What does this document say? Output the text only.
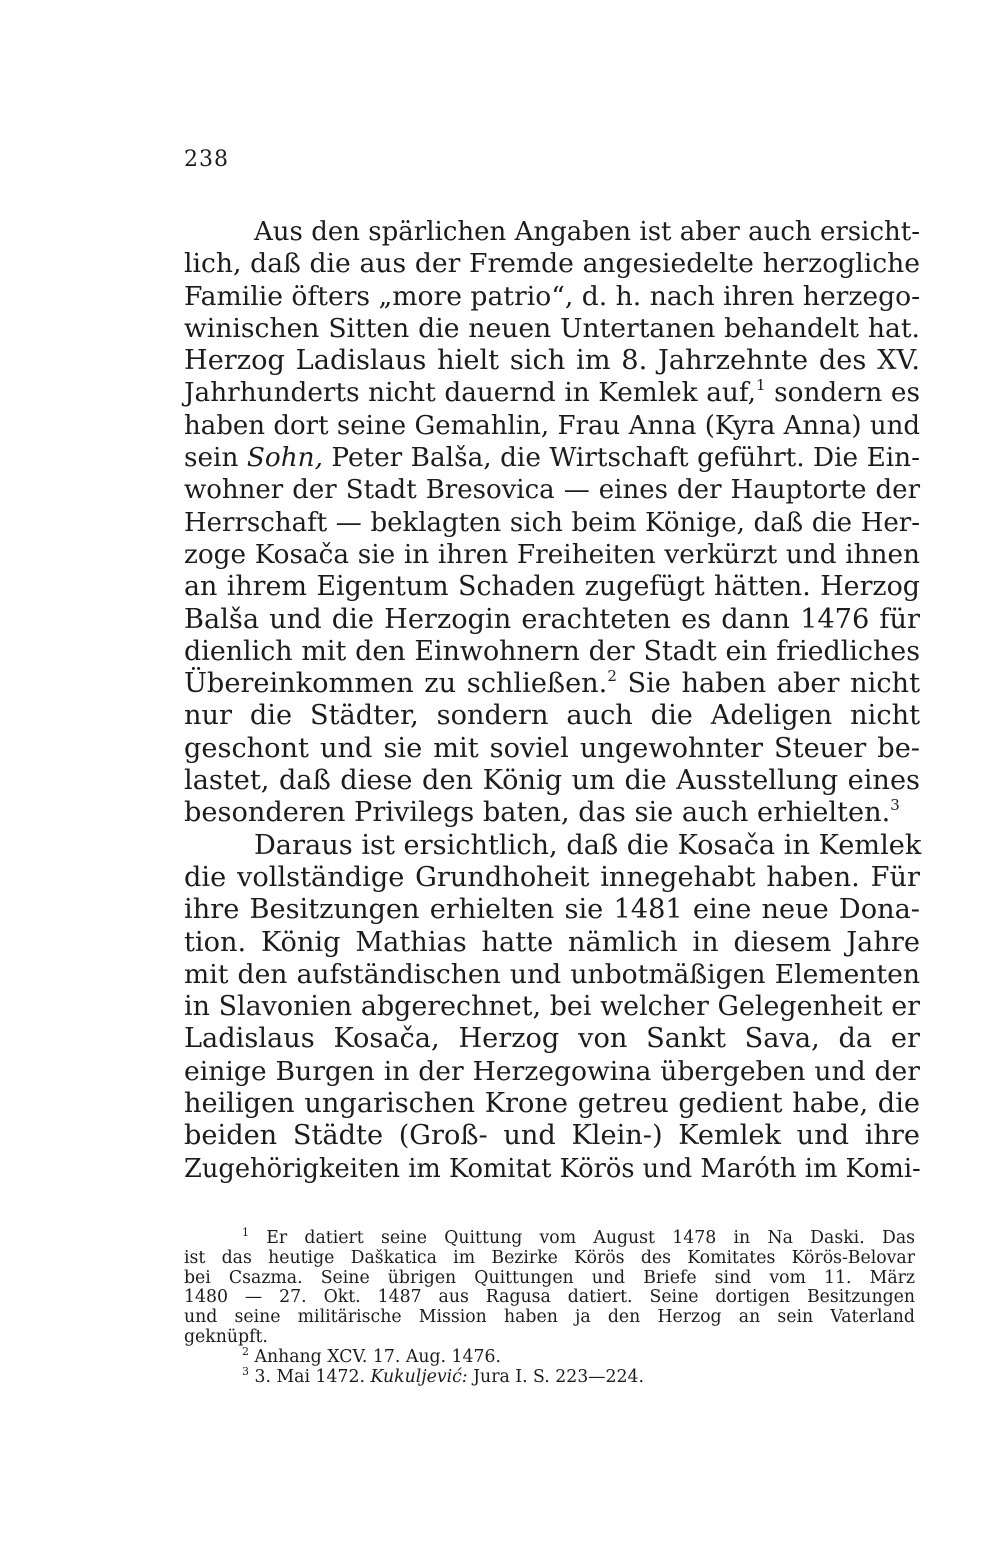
238
Aus den spärlichen Angaben ist aber auch ersicht-
lich, daß die aus der Fremde angesiedelte herzogliche
Familie öfters „more patrio“, d. h. nach ihren herzego-
winischen Sitten die neuen Untertanen behandelt hat.
Herzog Ladislaus hielt sich im 8. Jahrzehnte des XV.
Jahrhunderts nicht dauernd in Kemlek auf,$^1$ sondern es
haben dort seine Gemahlin, Frau Anna (Kyra Anna) und
sein Sohn, Peter Balša, die Wirtschaft geführt. Die Ein-
wohner der Stadt Bresovica — eines der Hauptorte der
Herrschaft — beklagten sich beim Könige, daß die Her-
zoge Kosača sie in ihren Freiheiten verkürzt und ihnen
an ihrem Eigentum Schaden zugefügt hätten. Herzog
Balša und die Herzogin erachteten es dann 1476 für
dienlich mit den Einwohnern der Stadt ein friedliches
Übereinkommen zu schließen.$^2$ Sie haben aber nicht
nur die Städter, sondern auch die Adeligen nicht
geschont und sie mit soviel ungewohnter Steuer be-
lastet, daß diese den König um die Ausstellung eines
besonderen Privilegs baten, das sie auch erhielten.$^3$
Daraus ist ersichtlich, daß die Kosača in Kemlek
die vollständige Grundhoheit innegehabt haben. Für
ihre Besitzungen erhielten sie 1481 eine neue Dona-
tion. König Mathias hatte nämlich in diesem Jahre
mit den aufständischen und unbotmäßigen Elementen
in Slavonien abgerechnet, bei welcher Gelegenheit er
Ladislaus Kosača, Herzog von Sankt Sava, da er
einige Burgen in der Herzegowina übergeben und der
heiligen ungarischen Krone getreu gedient habe, die
beiden Städte (Groß- und Klein-) Kemlek und ihre
Zugehörigkeiten im Komitat Körös und Maróth im Komi-
$^1$ Er datiert seine Quittung vom August 1478 in Na Daski. Das
ist das heutige Daškatica im Bezirke Körös des Komitates Körös-Belovar
bei Csazma. Seine übrigen Quittungen und Briefe sind vom 11. März
1480 — 27. Okt. 1487 aus Ragusa datiert. Seine dortigen Besitzungen
und seine militärische Mission haben ja den Herzog an sein Vaterland
geknüpft.
$^2$ Anhang XCV. 17. Aug. 1476.
$^3$ 3. Mai 1472. Kukuljević: Jura I. S. 223—224.
